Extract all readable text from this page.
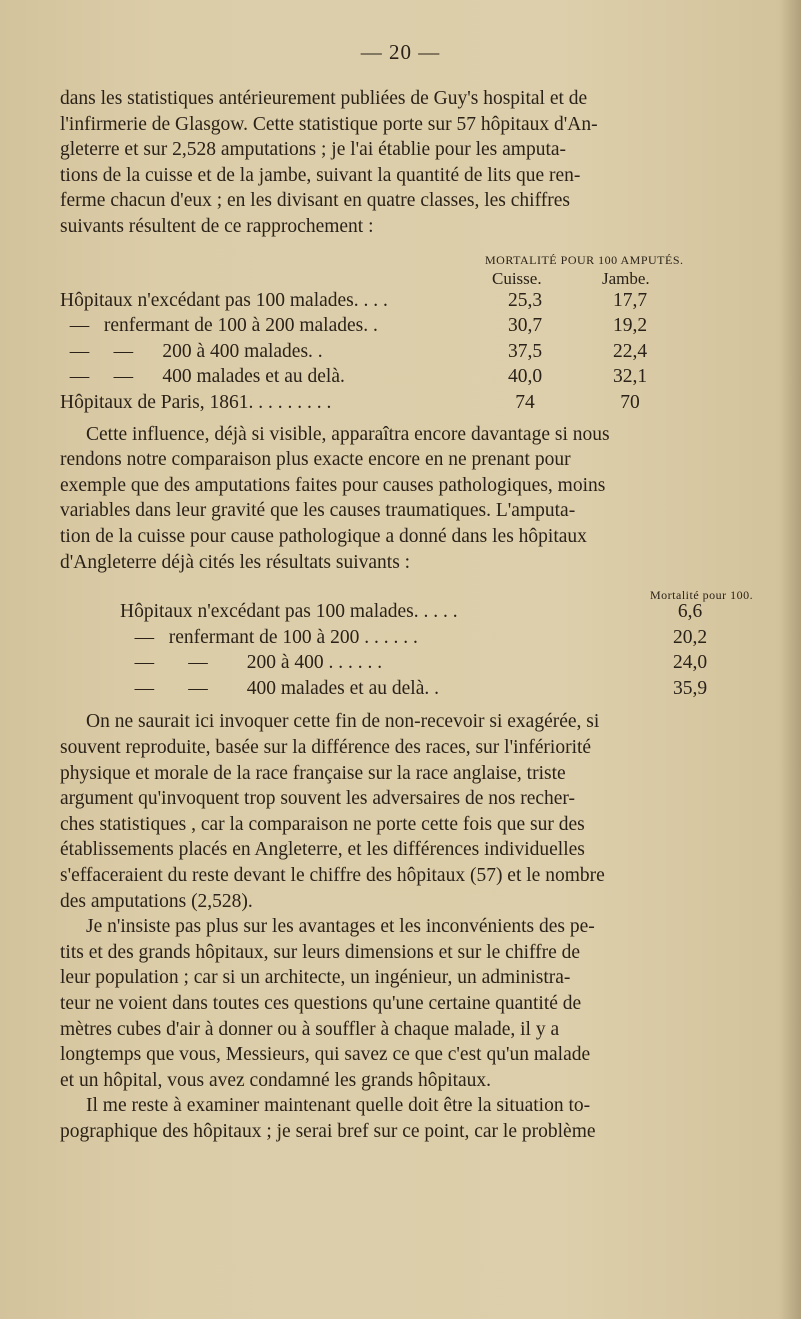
— 20 —

dans les statistiques antérieurement publiées de Guy's hospital et de
l'infirmerie de Glasgow. Cette statistique porte sur 57 hôpitaux d'An-
gleterre et sur 2,528 amputations ; je l'ai établie pour les amputa-
tions de la cuisse et de la jambe, suivant la quantité de lits que ren-
ferme chacun d'eux ; en les divisant en quatre classes, les chiffres
suivants résultent de ce rapprochement :

MORTALITÉ POUR 100 AMPUTÉS.
Cuisse.	Jambe.
Hôpitaux n'excédant pas 100 malades. . . .	25,3	17,7
—   renfermant de 100 à 200 malades. .	30,7	19,2
—     —      200 à 400 malades. .	37,5	22,4
—     —      400 malades et au delà.	40,0	32,1
Hôpitaux de Paris, 1861. . . . . . . . .	74	70

Cette influence, déjà si visible, apparaîtra encore davantage si nous
rendons notre comparaison plus exacte encore en ne prenant pour
exemple que des amputations faites pour causes pathologiques, moins
variables dans leur gravité que les causes traumatiques. L'amputa-
tion de la cuisse pour cause pathologique a donné dans les hôpitaux
d'Angleterre déjà cités les résultats suivants :

Mortalité pour 100.
Hôpitaux n'excédant pas 100 malades. . . . .	6,6
—   renfermant de 100 à 200 . . . . . .	20,2
—       —        200 à 400 . . . . . .	24,0
—       —        400 malades et au delà. .	35,9

On ne saurait ici invoquer cette fin de non-recevoir si exagérée, si
souvent reproduite, basée sur la différence des races, sur l'infériorité
physique et morale de la race française sur la race anglaise, triste
argument qu'invoquent trop souvent les adversaires de nos recher-
ches statistiques , car la comparaison ne porte cette fois que sur des
établissements placés en Angleterre, et les différences individuelles
s'effaceraient du reste devant le chiffre des hôpitaux (57) et le nombre
des amputations (2,528).

Je n'insiste pas plus sur les avantages et les inconvénients des pe-
tits et des grands hôpitaux, sur leurs dimensions et sur le chiffre de
leur population ; car si un architecte, un ingénieur, un administra-
teur ne voient dans toutes ces questions qu'une certaine quantité de
mètres cubes d'air à donner ou à souffler à chaque malade, il y a
longtemps que vous, Messieurs, qui savez ce que c'est qu'un malade
et un hôpital, vous avez condamné les grands hôpitaux.

Il me reste à examiner maintenant quelle doit être la situation to-
pographique des hôpitaux ; je serai bref sur ce point, car le problème
